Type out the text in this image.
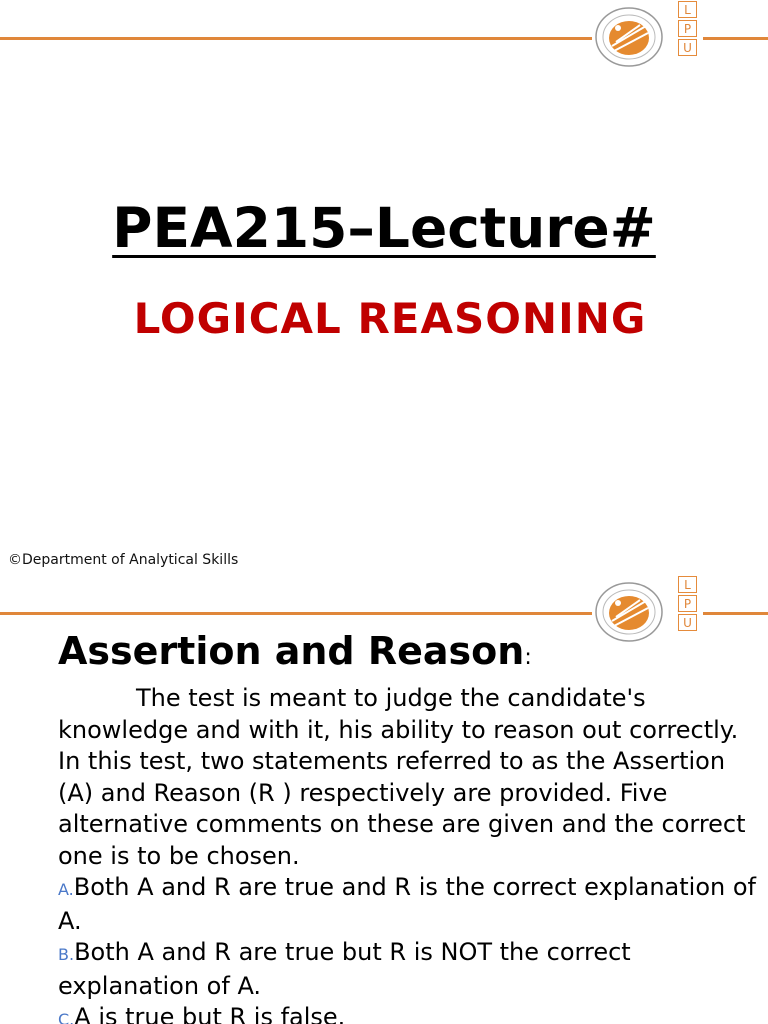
L
P
U
PEA215–Lecture#
LOGICAL REASONING
©Department of Analytical Skills
L
P
U
Assertion and Reason:

The test is meant to judge the candidate's knowledge and with it, his ability to reason out correctly. In this test, two statements referred to as the Assertion (A) and Reason (R ) respectively are provided. Five alternative comments on these are given and the correct one is to be chosen.

A.Both A and R are true and R is the correct explanation of A.

B.Both A and R are true but R is NOT the correct explanation of A.

C.A is true but R is false.
